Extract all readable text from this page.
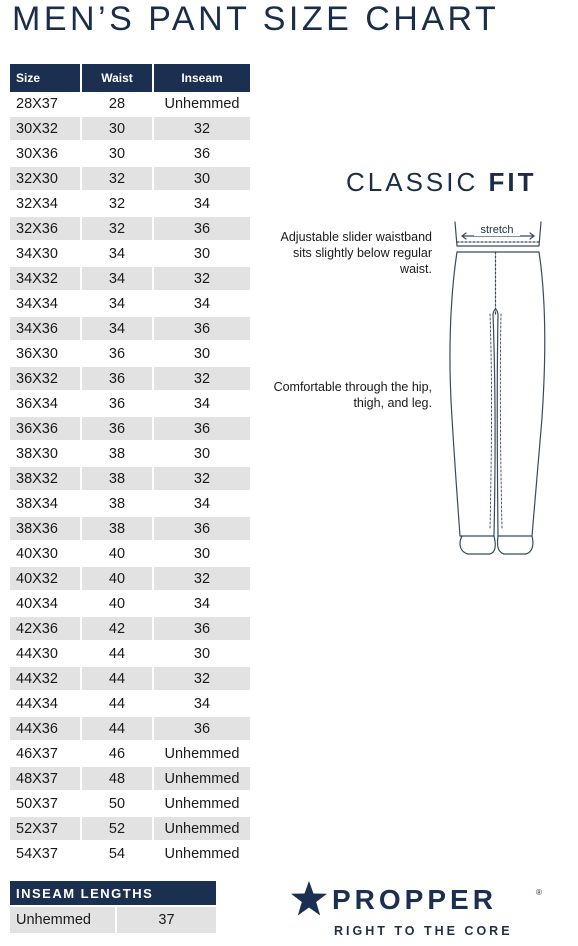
MEN’S PANT SIZE CHART
Size	Waist	Inseam
28X37	28	Unhemmed
30X32	30	32
30X36	30	36
32X30	32	30
32X34	32	34
32X36	32	36
34X30	34	30
34X32	34	32
34X34	34	34
34X36	34	36
36X30	36	30
36X32	36	32
36X34	36	34
36X36	36	36
38X30	38	30
38X32	38	32
38X34	38	34
38X36	38	36
40X30	40	30
40X32	40	32
40X34	40	34
42X36	42	36
44X30	44	30
44X32	44	32
44X34	44	34
44X36	44	36
46X37	46	Unhemmed
48X37	48	Unhemmed
50X37	50	Unhemmed
52X37	52	Unhemmed
54X37	54	Unhemmed
INSEAM LENGTHS
Unhemmed	37
CLASSIC FIT
Adjustable slider waistband sits slightly below regular waist.
Comfortable through the hip, thigh, and leg.
stretch
PROPPER	®
RIGHT TO THE CORE
